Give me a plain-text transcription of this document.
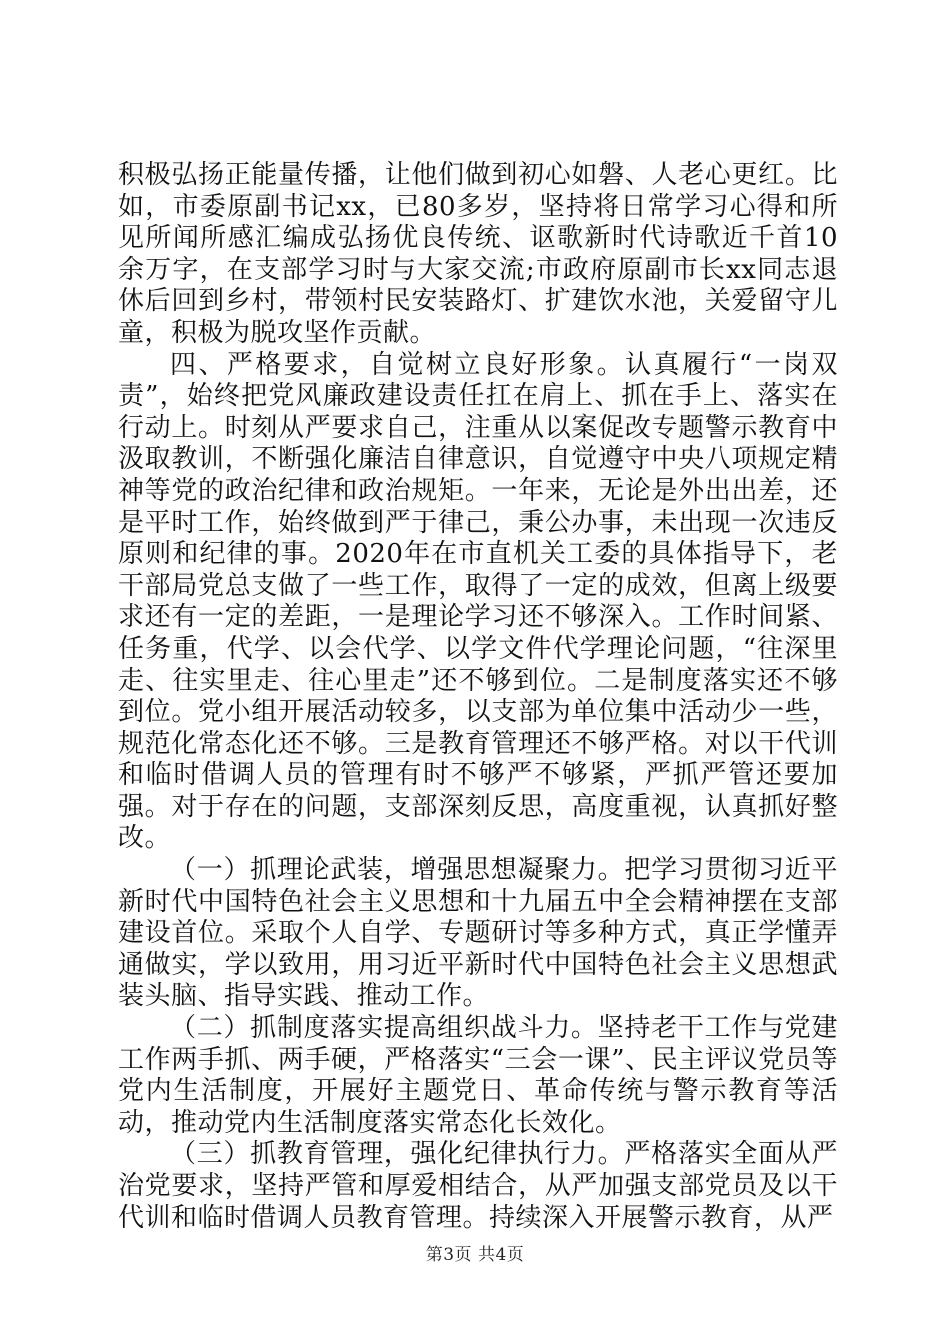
积极弘扬正能量传播，让他们做到初心如磐、人老心更红。比如，市委原副书记xx，已80多岁，坚持将日常学习心得和所见所闻所感汇编成弘扬优良传统、讴歌新时代诗歌近千首10余万字，在支部学习时与大家交流;市政府原副市长xx同志退休后回到乡村，带领村民安装路灯、扩建饮水池，关爱留守儿童，积极为脱攻坚作贡献。

四、严格要求，自觉树立良好形象。认真履行“一岗双责”，始终把党风廉政建设责任扛在肩上、抓在手上、落实在行动上。时刻从严要求自己，注重从以案促改专题警示教育中汲取教训，不断强化廉洁自律意识，自觉遵守中央八项规定精神等党的政治纪律和政治规矩。一年来，无论是外出出差，还是平时工作，始终做到严于律己，秉公办事，未出现一次违反原则和纪律的事。2020年在市直机关工委的具体指导下，老干部局党总支做了一些工作，取得了一定的成效，但离上级要求还有一定的差距，一是理论学习还不够深入。工作时间紧、任务重，代学、以会代学、以学文件代学理论问题，“往深里走、往实里走、往心里走”还不够到位。二是制度落实还不够到位。党小组开展活动较多，以支部为单位集中活动少一些，规范化常态化还不够。三是教育管理还不够严格。对以干代训和临时借调人员的管理有时不够严不够紧，严抓严管还要加强。对于存在的问题，支部深刻反思，高度重视，认真抓好整改。

（一）抓理论武装，增强思想凝聚力。把学习贯彻习近平新时代中国特色社会主义思想和十九届五中全会精神摆在支部建设首位。采取个人自学、专题研讨等多种方式，真正学懂弄通做实，学以致用，用习近平新时代中国特色社会主义思想武装头脑、指导实践、推动工作。

（二）抓制度落实提高组织战斗力。坚持老干工作与党建工作两手抓、两手硬，严格落实“三会一课”、民主评议党员等党内生活制度，开展好主题党日、革命传统与警示教育等活动，推动党内生活制度落实常态化长效化。

（三）抓教育管理，强化纪律执行力。严格落实全面从严治党要求，坚持严管和厚爱相结合，从严加强支部党员及以干代训和临时借调人员教育管理。持续深入开展警示教育，从严

第3页 共4页
